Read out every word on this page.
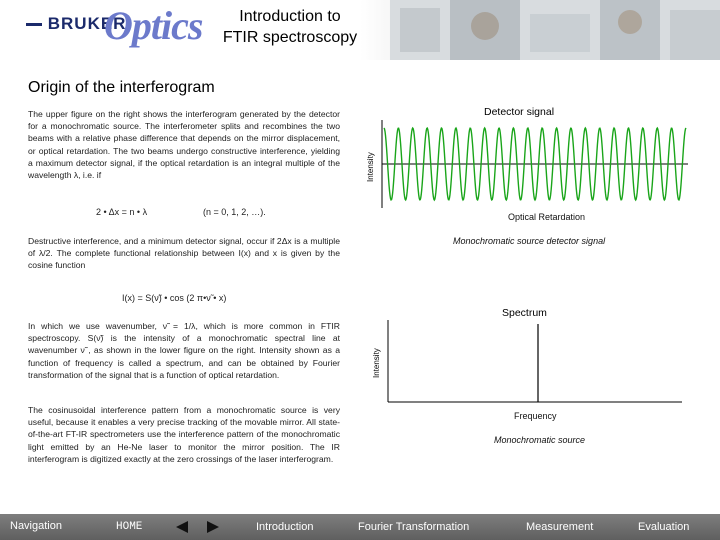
BRUKER
Optics	Introduction to
FTIR spectroscopy
Origin of the interferogram
The upper figure on the right shows the interferogram generated by the detector for a monochromatic source. The interferometer splits and recombines the two beams with a relative phase difference that depends on the mirror displacement, or optical retardation. The two beams undergo constructive interference, yielding a maximum detector signal, if the optical retardation is an integral multiple of the wavelength λ, i.e. if
2 • Δx = n • λ	(n = 0, 1, 2, …).
Destructive interference, and a minimum detector signal, occur if 2Δx is a multiple of λ/2. The complete functional relationship between I(x) and x is given by the cosine function
I(x) = S(ν̃) • cos (2 π•ν̃ • x)
In which we use wavenumber, ν̃ = 1/λ, which is more common in FTIR spectroscopy. S(ν̃) is the intensity of a monochromatic spectral line at wavenumber ν̃ , as shown in the lower figure on the right. Intensity shown as a function of frequency is called a spectrum, and can be obtained by Fourier transformation of the signal that is a function of optical retardation.
The cosinusoidal interference pattern from a monochromatic source is very useful, because it enables a very precise tracking of the movable mirror. All state-of-the-art FT-IR spectrometers use the interference pattern of the monochromatic light emitted by an He-Ne laser to monitor the mirror position. The IR interferogram is digitized exactly at the zero crossings of the laser interferogram.
Detector signal
Intensity
Optical Retardation
Monochromatic source detector signal
Spectrum
Intensity
Frequency
Monochromatic source
Navigation	HOME	Introduction	Fourier Transformation	Measurement	Evaluation
